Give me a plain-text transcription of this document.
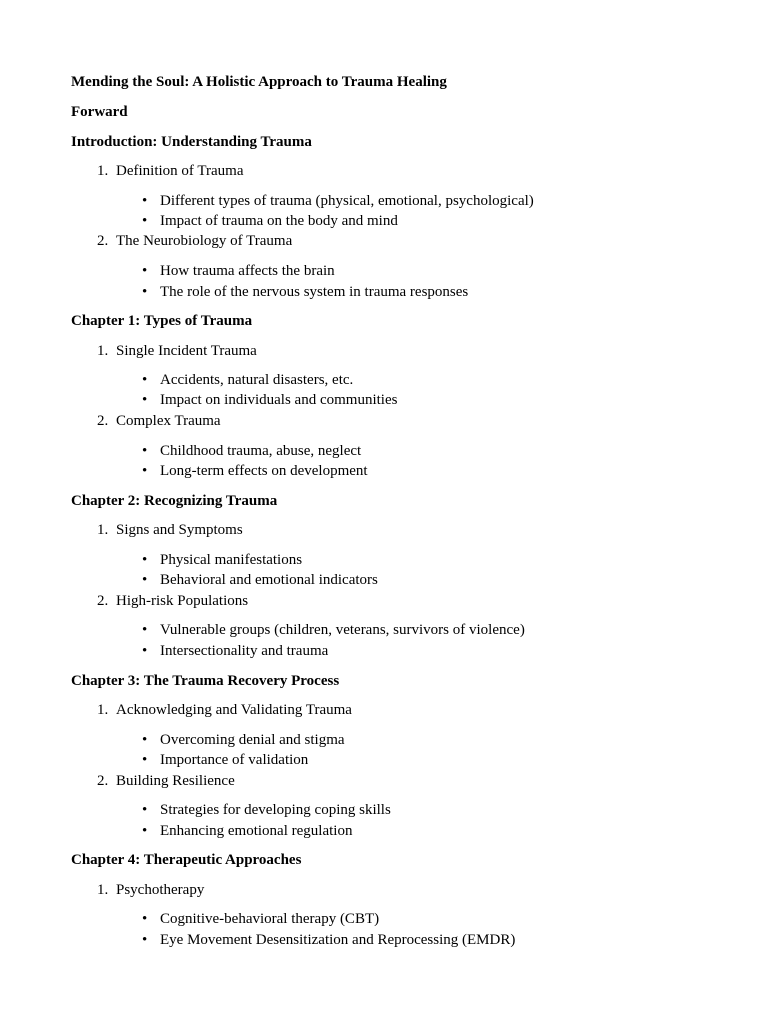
Mending the Soul: A Holistic Approach to Trauma Healing
Forward
Introduction: Understanding Trauma
1. Definition of Trauma
• Different types of trauma (physical, emotional, psychological)
• Impact of trauma on the body and mind
2. The Neurobiology of Trauma
• How trauma affects the brain
• The role of the nervous system in trauma responses
Chapter 1: Types of Trauma
1. Single Incident Trauma
• Accidents, natural disasters, etc.
• Impact on individuals and communities
2. Complex Trauma
• Childhood trauma, abuse, neglect
• Long-term effects on development
Chapter 2: Recognizing Trauma
1. Signs and Symptoms
• Physical manifestations
• Behavioral and emotional indicators
2. High-risk Populations
• Vulnerable groups (children, veterans, survivors of violence)
• Intersectionality and trauma
Chapter 3: The Trauma Recovery Process
1. Acknowledging and Validating Trauma
• Overcoming denial and stigma
• Importance of validation
2. Building Resilience
• Strategies for developing coping skills
• Enhancing emotional regulation
Chapter 4: Therapeutic Approaches
1. Psychotherapy
• Cognitive-behavioral therapy (CBT)
• Eye Movement Desensitization and Reprocessing (EMDR)
